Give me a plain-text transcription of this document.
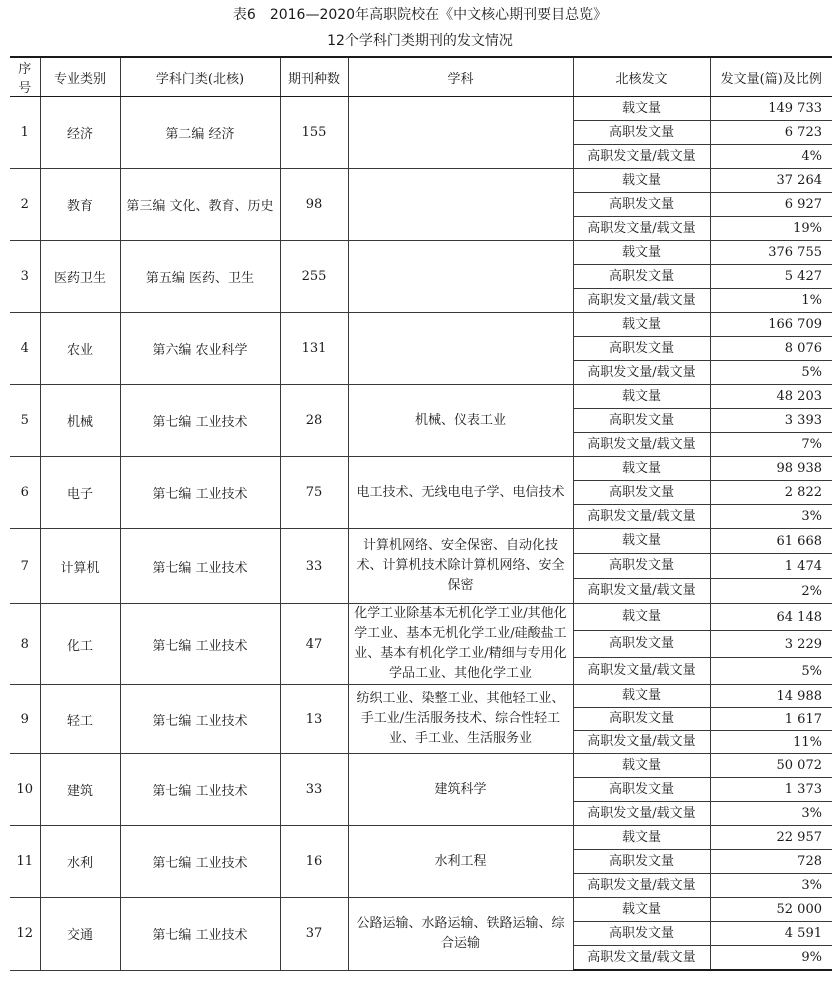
表6　2016—2020年高职院校在《中文核心期刊要目总览》
12个学科门类期刊的发文情况
序号	专业类别	学科门类(北核)	期刊种数	学科	北核发文	发文量(篇)及比例
1	经济	第二编 经济	155		载文量	149 733
					高职发文量	6 723
					高职发文量/载文量	4%
2	教育	第三编 文化、教育、历史	98		载文量	37 264
					高职发文量	6 927
					高职发文量/载文量	19%
3	医药卫生	第五编 医药、卫生	255		载文量	376 755
					高职发文量	5 427
					高职发文量/载文量	1%
4	农业	第六编 农业科学	131		载文量	166 709
					高职发文量	8 076
					高职发文量/载文量	5%
5	机械	第七编 工业技术	28	机械、仪表工业	载文量	48 203
					高职发文量	3 393
					高职发文量/载文量	7%
6	电子	第七编 工业技术	75	电工技术、无线电电子学、电信技术	载文量	98 938
					高职发文量	2 822
					高职发文量/载文量	3%
7	计算机	第七编 工业技术	33	计算机网络、安全保密、自动化技术、计算机技术除计算机网络、安全保密	载文量	61 668
					高职发文量	1 474
					高职发文量/载文量	2%
8	化工	第七编 工业技术	47	化学工业除基本无机化学工业/其他化学工业、基本无机化学工业/硅酸盐工业、基本有机化学工业/精细与专用化学品工业、其他化学工业	载文量	64 148
					高职发文量	3 229
					高职发文量/载文量	5%
9	轻工	第七编 工业技术	13	纺织工业、染整工业、其他轻工业、手工业/生活服务技术、综合性轻工业、手工业、生活服务业	载文量	14 988
					高职发文量	1 617
					高职发文量/载文量	11%
10	建筑	第七编 工业技术	33	建筑科学	载文量	50 072
					高职发文量	1 373
					高职发文量/载文量	3%
11	水利	第七编 工业技术	16	水利工程	载文量	22 957
					高职发文量	728
					高职发文量/载文量	3%
12	交通	第七编 工业技术	37	公路运输、水路运输、铁路运输、综合运输	载文量	52 000
					高职发文量	4 591
					高职发文量/载文量	9%
